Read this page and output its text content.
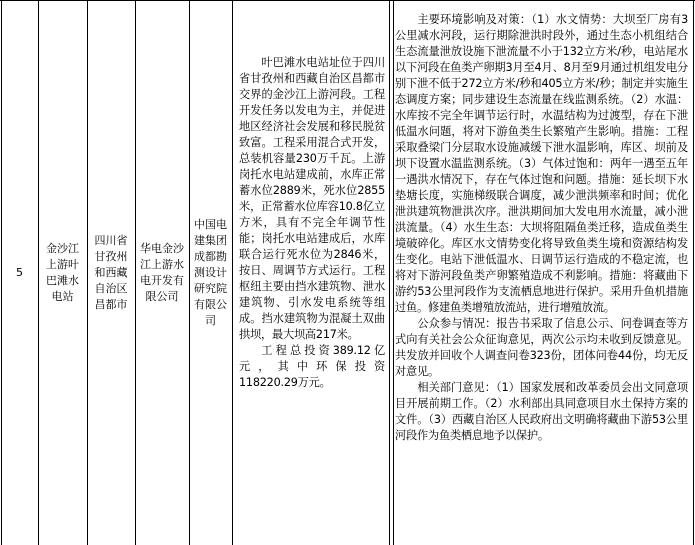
5
金沙江上游叶巴滩水电站
四川省甘孜州和西藏自治区昌都市
华电金沙江上游水电开发有限公司
中国电建集团成都勘测设计研究院有限公司

叶巴滩水电站址位于四川省甘孜州和西藏自治区昌都市交界的金沙江上游河段。工程开发任务以发电为主，并促进地区经济社会发展和移民脱贫致富。工程采用混合式开发，总装机容量230万千瓦。上游岗托水电站建成前，水库正常蓄水位2889米，死水位2855米，正常蓄水位库容10.8亿立方米，具有不完全年调节性能；岗托水电站建成后，水库联合运行死水位为2846米，按日、周调节方式运行。工程枢纽主要由挡水建筑物、泄水建筑物、引水发电系统等组成。挡水建筑物为混凝土双曲拱坝，最大坝高217米。

工程总投资389.12亿元，其中环保投资118220.29万元。

主要环境影响及对策：（1）水文情势：大坝至厂房有3公里减水河段，运行期除泄洪时段外，通过生态小机组结合生态流量泄放设施下泄流量不小于132立方米/秒，电站尾水以下河段在鱼类产卵期3月至4月、8月至9月通过机组发电分别下泄不低于272立方米/秒和405立方米/秒；制定并实施生态调度方案；同步建设生态流量在线监测系统。（2）水温：水库按不完全年调节运行时，水温结构为过渡型，存在下泄低温水问题，将对下游鱼类生长繁殖产生影响。措施：工程采取叠梁门分层取水设施减缓下泄水温影响，库区、坝前及坝下设置水温监测系统。（3）气体过饱和：两年一遇至五年一遇洪水情况下，存在气体过饱和问题。措施：延长坝下水垫塘长度，实施梯级联合调度，减少泄洪频率和时间；优化泄洪建筑物泄洪次序。泄洪期间加大发电用水流量，减小泄洪流量。（4）水生生态：大坝将阻隔鱼类迁移，造成鱼类生境破碎化。库区水文情势变化将导致鱼类生境和资源结构发生变化。电站下泄低温水、日调节运行造成的不稳定流，也将对下游河段鱼类产卵繁殖造成不利影响。措施：将藏曲下游约53公里河段作为支流栖息地进行保护。采用升鱼机措施过鱼。修建鱼类增殖放流站，进行增殖放流。

公众参与情况：报告书采取了信息公示、问卷调查等方式向有关社会公众征询意见，两次公示均未收到反馈意见。共发放并回收个人调查问卷323份，团体问卷44份，均无反对意见。

相关部门意见：（1）国家发展和改革委员会出文同意项目开展前期工作。（2）水利部出具同意项目水土保持方案的文件。（3）西藏自治区人民政府出文明确将藏曲下游53公里河段作为鱼类栖息地予以保护。
